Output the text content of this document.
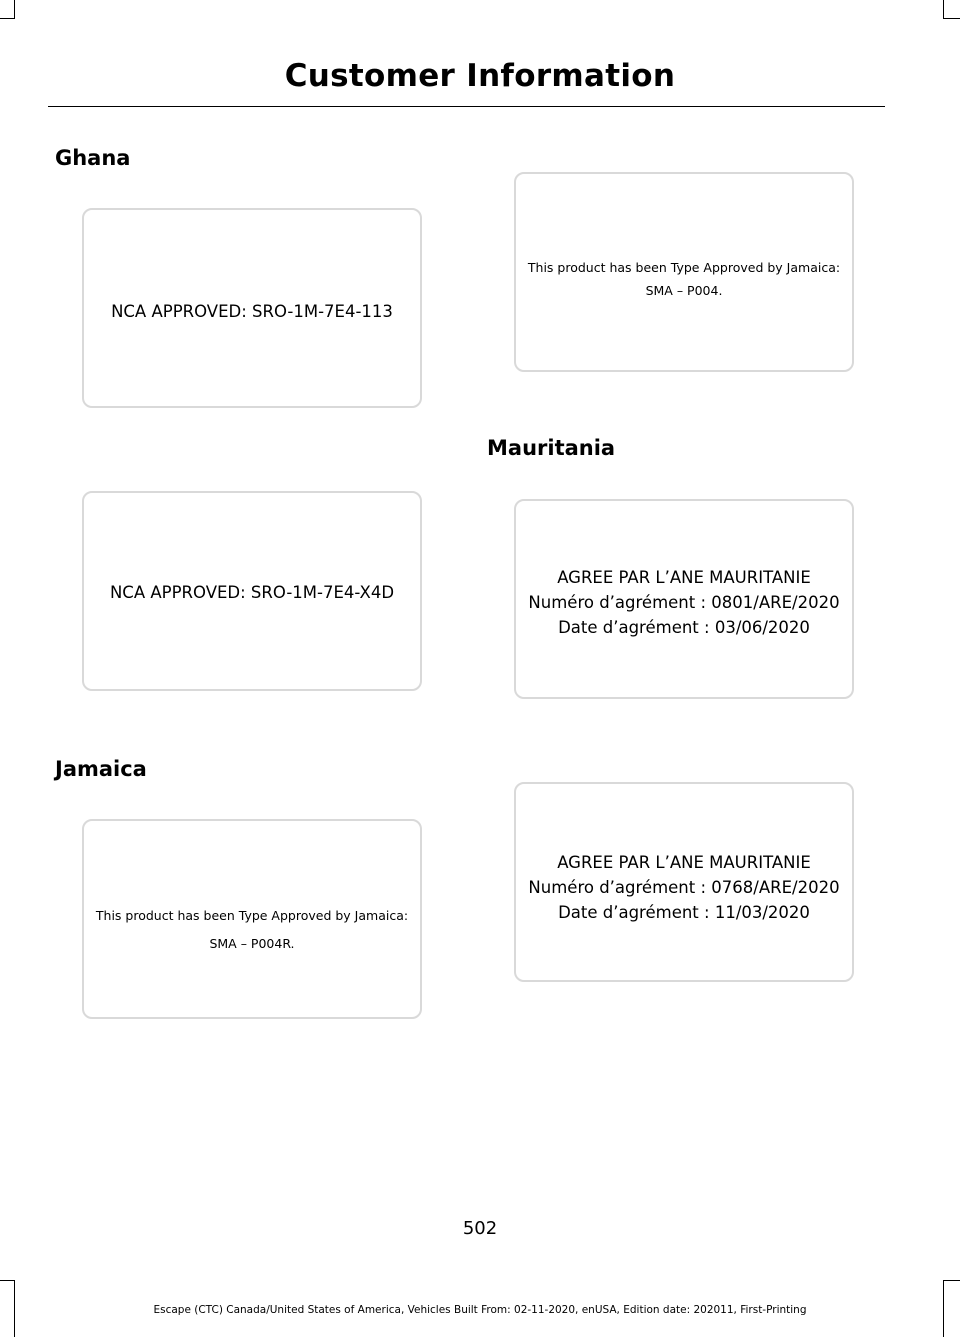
Customer Information
Ghana
Jamaica
Mauritania
NCA APPROVED: SRO-1M-7E4-113
NCA APPROVED: SRO-1M-7E4-X4D
This product has been Type Approved by Jamaica:
SMA – P004R.
This product has been Type Approved by Jamaica:
SMA – P004.
AGREE PAR L’ANE MAURITANIE
Numéro d’agrément : 0801/ARE/2020
Date d’agrément : 03/06/2020
AGREE PAR L’ANE MAURITANIE
Numéro d’agrément : 0768/ARE/2020
Date d’agrément : 11/03/2020
502
Escape (CTC) Canada/United States of America, Vehicles Built From: 02-11-2020, enUSA, Edition date: 202011, First-Printing
